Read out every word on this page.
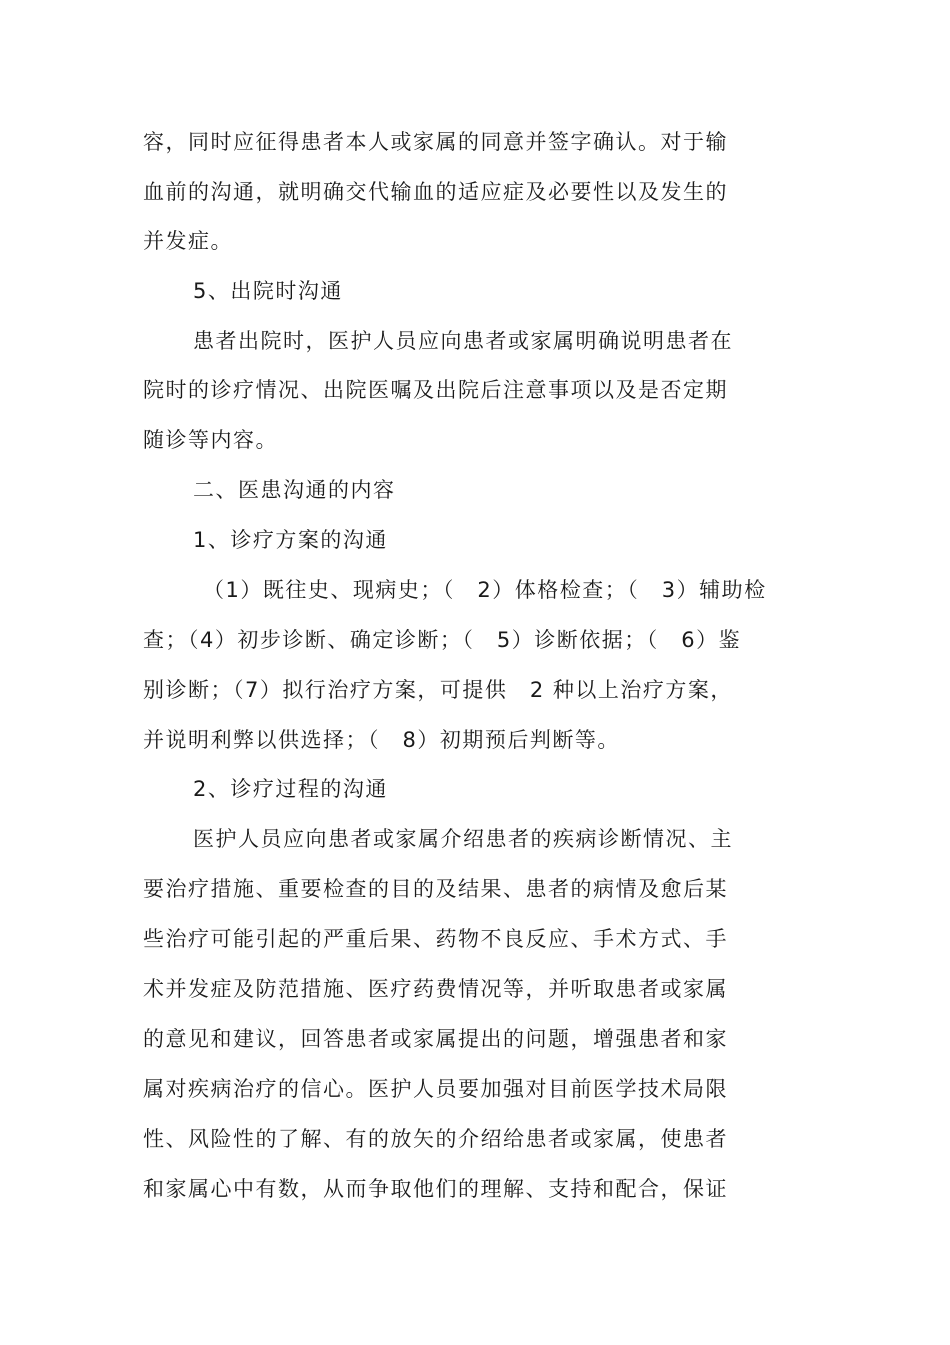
容，同时应征得患者本人或家属的同意并签字确认。对于输
血前的沟通，就明确交代输血的适应症及必要性以及发生的
并发症。
5、出院时沟通
患者出院时，医护人员应向患者或家属明确说明患者在
院时的诊疗情况、出院医嘱及出院后注意事项以及是否定期
随诊等内容。
二、医患沟通的内容
1、诊疗方案的沟通
（1）既往史、现病史；（　2）体格检查；（　3）辅助检
查；（4）初步诊断、确定诊断；（　5）诊断依据；（　6）鉴
别诊断；（7）拟行治疗方案，可提供　2 种以上治疗方案，
并说明利弊以供选择；（　8）初期预后判断等。
2、诊疗过程的沟通
医护人员应向患者或家属介绍患者的疾病诊断情况、主
要治疗措施、重要检查的目的及结果、患者的病情及愈后某
些治疗可能引起的严重后果、药物不良反应、手术方式、手
术并发症及防范措施、医疗药费情况等，并听取患者或家属
的意见和建议，回答患者或家属提出的问题，增强患者和家
属对疾病治疗的信心。医护人员要加强对目前医学技术局限
性、风险性的了解、有的放矢的介绍给患者或家属，使患者
和家属心中有数，从而争取他们的理解、支持和配合，保证
